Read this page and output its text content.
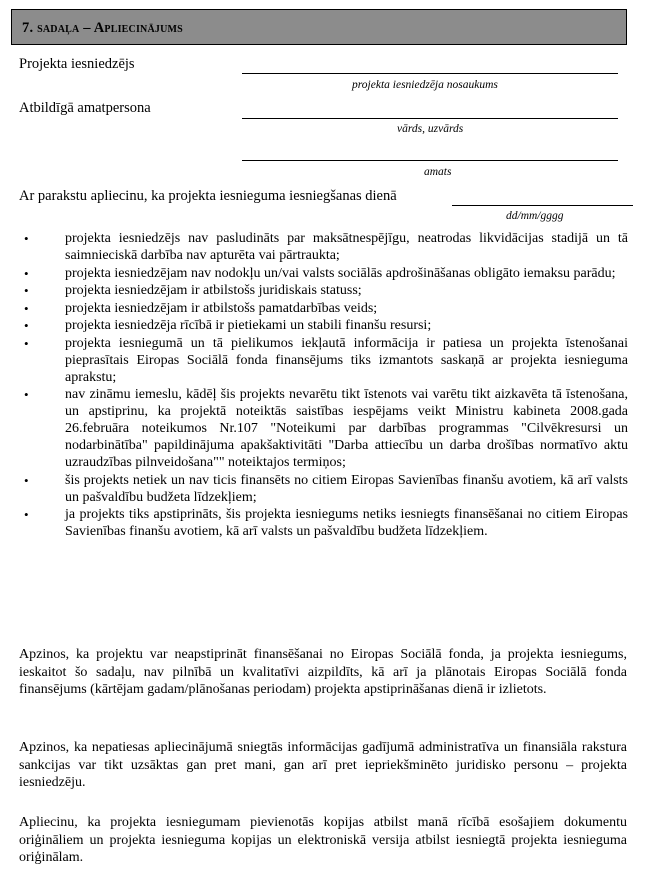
7. sadaļa – Apliecinājums
Projekta iesniedzējs
projekta iesniedzēja nosaukums
Atbildīgā amatpersona
vārds, uzvārds
amats
Ar parakstu apliecinu, ka projekta iesnieguma iesniegšanas dienā
dd/mm/gggg
•	projekta iesniedzējs nav pasludināts par maksātnespējīgu, neatrodas likvidācijas stadijā un tā saimnieciskā darbība nav apturēta vai pārtraukta;
•	projekta iesniedzējam nav nodokļu un/vai valsts sociālās apdrošināšanas obligāto iemaksu parādu;
•	projekta iesniedzējam ir atbilstošs juridiskais statuss;
•	projekta iesniedzējam ir atbilstošs pamatdarbības veids;
•	projekta iesniedzēja rīcībā ir pietiekami un stabili finanšu resursi;
•	projekta iesniegumā un tā pielikumos iekļautā informācija ir patiesa un projekta īstenošanai pieprasītais Eiropas Sociālā fonda finansējums tiks izmantots saskaņā ar projekta iesnieguma aprakstu;
•	nav zināmu iemeslu, kādēļ šis projekts nevarētu tikt īstenots vai varētu tikt aizkavēta tā īstenošana, un apstiprinu, ka projektā noteiktās saistības iespējams veikt Ministru kabineta 2008.gada 26.februāra noteikumos Nr.107 "Noteikumi par darbības programmas "Cilvēkresursi un nodarbinātība" papildinājuma apakšaktivitāti "Darba attiecību un darba drošības normatīvo aktu uzraudzības pilnveidošana"" noteiktajos termiņos;
•	šis projekts netiek un nav ticis finansēts no citiem Eiropas Savienības finanšu avotiem, kā arī valsts un pašvaldību budžeta līdzekļiem;
•	ja projekts tiks apstiprināts, šis projekta iesniegums netiks iesniegts finansēšanai no citiem Eiropas Savienības finanšu avotiem, kā arī valsts un pašvaldību budžeta līdzekļiem.
Apzinos, ka projektu var neapstiprināt finansēšanai no Eiropas Sociālā fonda, ja projekta iesniegums, ieskaitot šo sadaļu, nav pilnībā un kvalitatīvi aizpildīts, kā arī ja plānotais Eiropas Sociālā fonda finansējums (kārtējam gadam/plānošanas periodam) projekta apstiprināšanas dienā ir izlietots.
Apzinos, ka nepatiesas apliecinājumā sniegtās informācijas gadījumā administratīva un finansiāla rakstura sankcijas var tikt uzsāktas gan pret mani, gan arī pret iepriekšminēto juridisko personu – projekta iesniedzēju.
Apliecinu, ka projekta iesniegumam pievienotās kopijas atbilst manā rīcībā esošajiem dokumentu oriģināliem un projekta iesnieguma kopijas un elektroniskā versija atbilst iesniegtā projekta iesnieguma oriģinālam.
